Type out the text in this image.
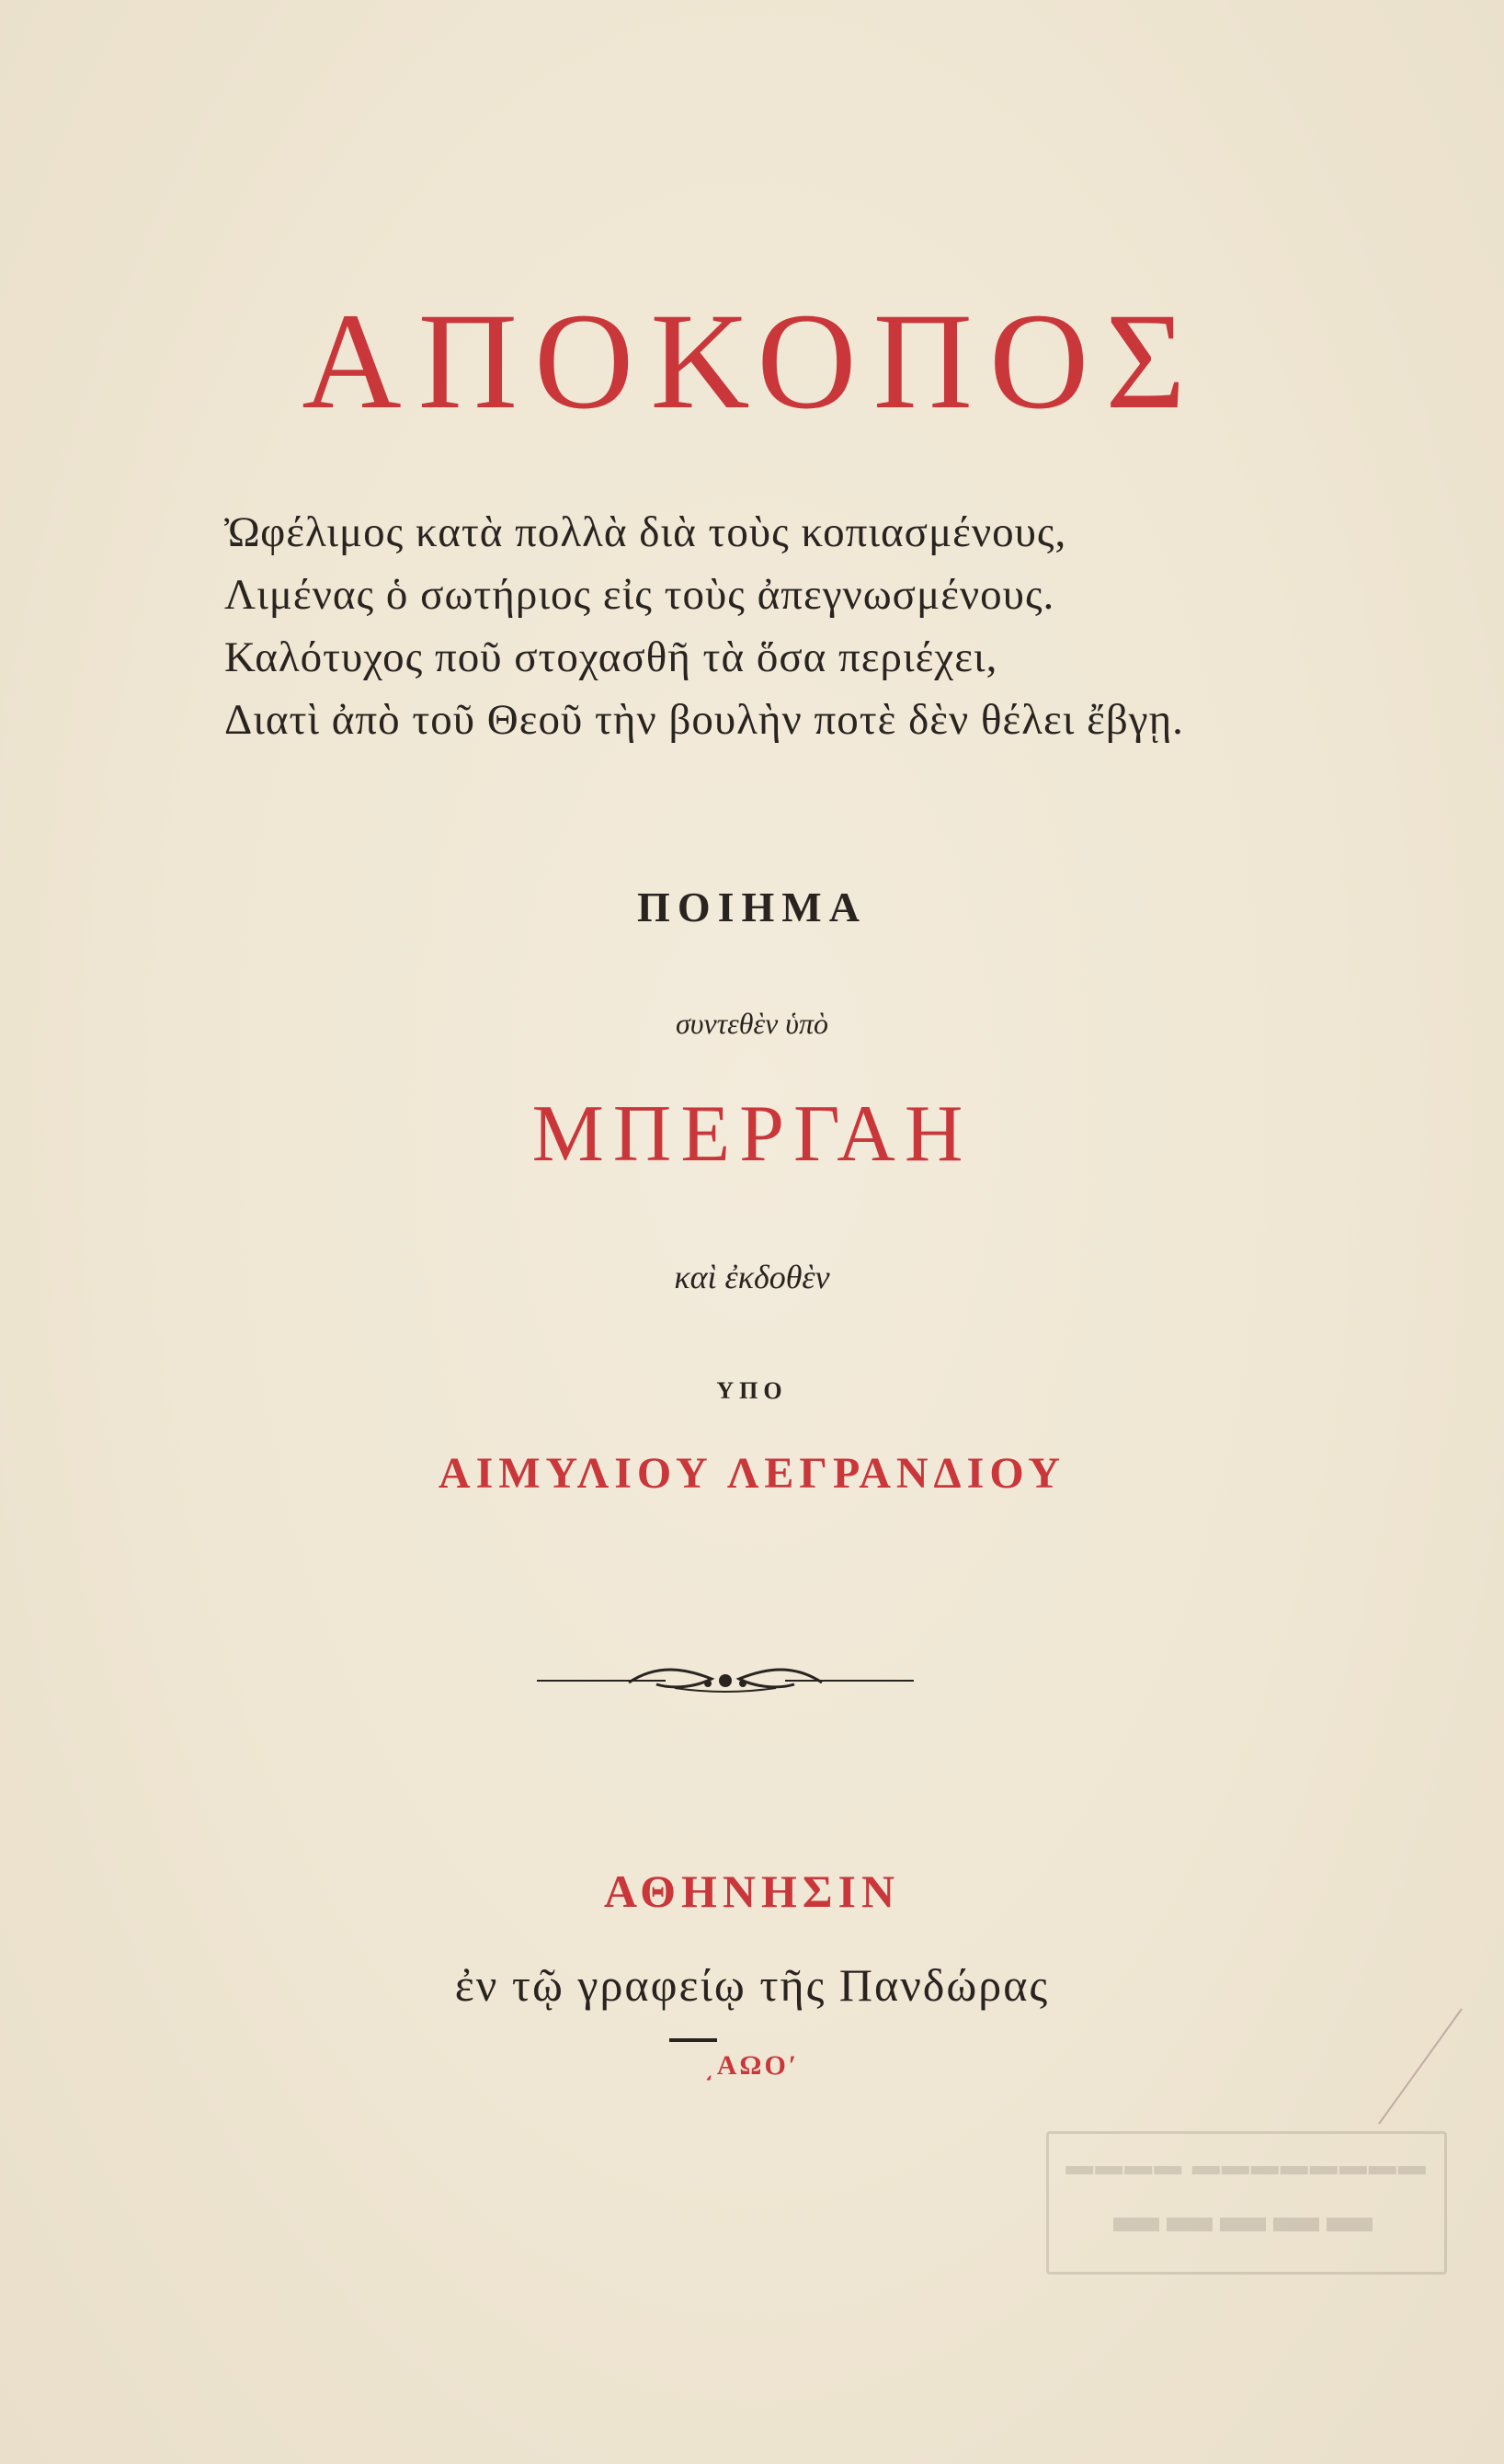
ΑΠΟΚΟΠΟΣ
Ὠφέλιμος κατὰ πολλὰ διὰ τοὺς κοπιασμένους,
Λιμένας ὁ σωτήριος εἰς τοὺς ἀπεγνωσμένους.
Καλότυχος ποῦ στοχασθῆ τὰ ὅσα περιέχει,
Διατὶ ἀπὸ τοῦ Θεοῦ τὴν βουλὴν ποτὲ δὲν θέλει ἔβγῃ.
ΠΟΙΗΜΑ
συντεθὲν ὑπὸ
ΜΠΕΡΓΑΗ
καὶ ἐκδοθὲν
ΥΠΟ
ΑΙΜΥΛΙΟΥ ΛΕΓΡΑΝΔΙΟΥ
ΑΘΗΝΗΣΙΝ
ἐν τῷ γραφείῳ τῆς Πανδώρας
͵ΑΩΟʹ
▬▬▬▬ ▬▬▬▬▬▬▬▬
▬▬▬▬▬
